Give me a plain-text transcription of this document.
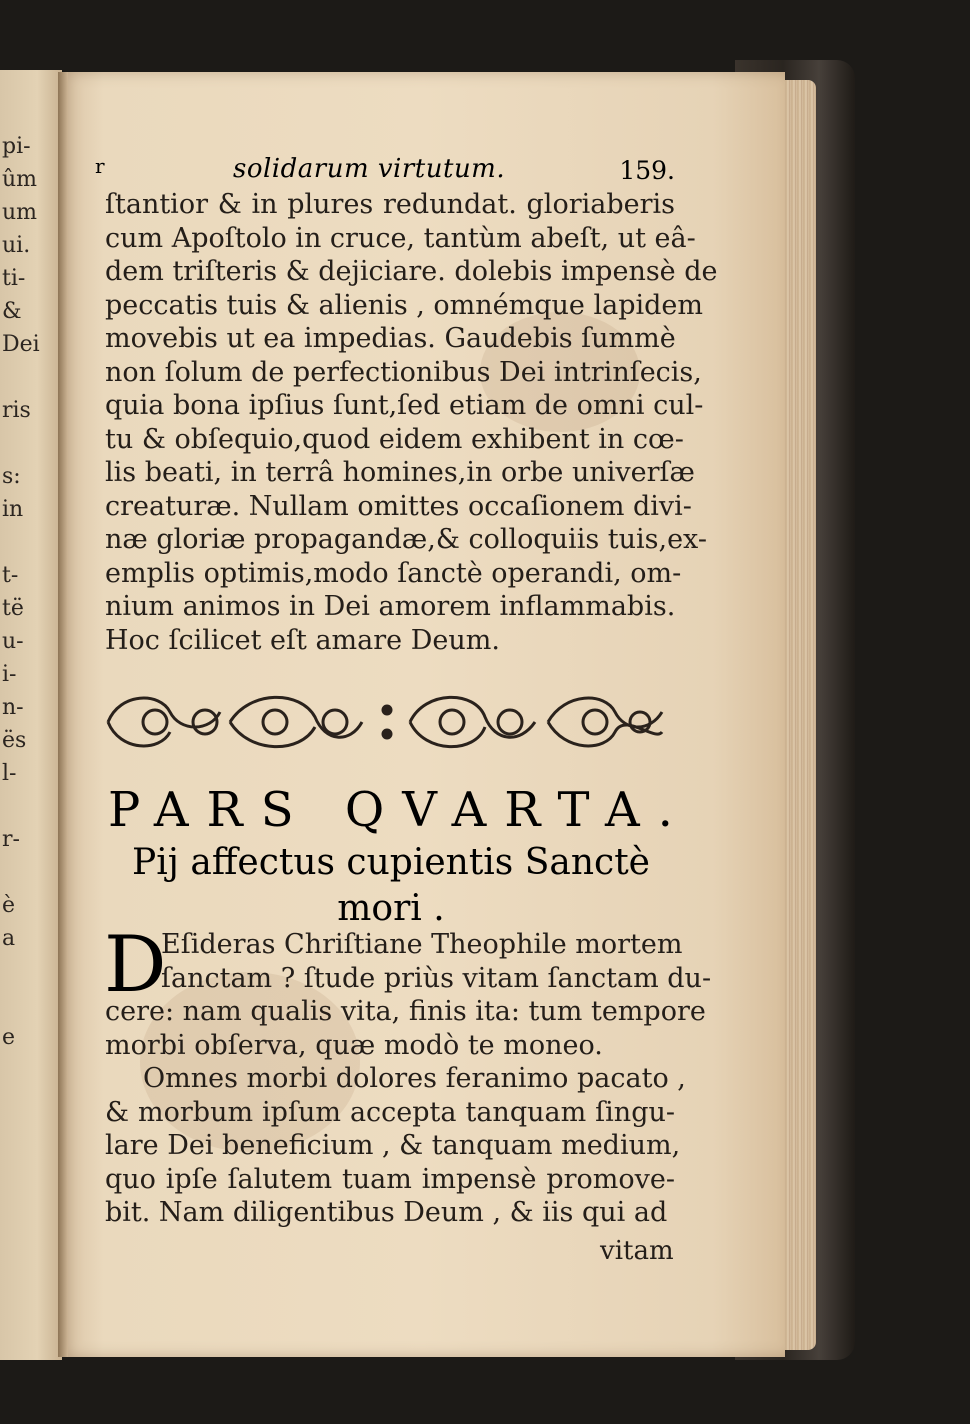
pi-
ûm
um
ui.
ti-
&
Dei
ris
s:
in
t-
të
u-
i-
n-
ës
l-
r-
è
a
e
r	solidarum virtutum.	159.
ſtantior & in plures redundat. gloriaberis
cum Apoſtolo in cruce, tantùm abeſt, ut eâ-
dem triſteris & dejiciare. dolebis impensè de
peccatis tuis & alienis , omnémque lapidem
movebis ut ea impedias. Gaudebis ſummè
non ſolum de perfectionibus Dei intrinſecis,
quia bona ipſius ſunt,ſed etiam de omni cul-
tu & obſequio,quod eidem exhibent in cœ-
lis beati, in terrâ homines,in orbe univerſæ
creaturæ. Nullam omittes occaſionem divi-
næ gloriæ propagandæ,& colloquiis tuis,ex-
emplis optimis,modo ſanctè operandi, om-
nium animos in Dei amorem inflammabis.
Hoc ſcilicet eſt amare Deum.
PARS QVARTA.
Pij affectus cupientis Sanctè
mori .
D
Eſideras Chriſtiane Theophile mortem
ſanctam ? ſtude priùs vitam ſanctam du-
cere: nam qualis vita, finis ita: tum tempore
morbi obſerva, quæ modò te moneo.
Omnes morbi dolores feranimo pacato ,
& morbum ipſum accepta tanquam ſingu-
lare Dei beneficium , & tanquam medium,
quo ipſe ſalutem tuam impensè promove-
bit. Nam diligentibus Deum , & iis qui ad
vitam
